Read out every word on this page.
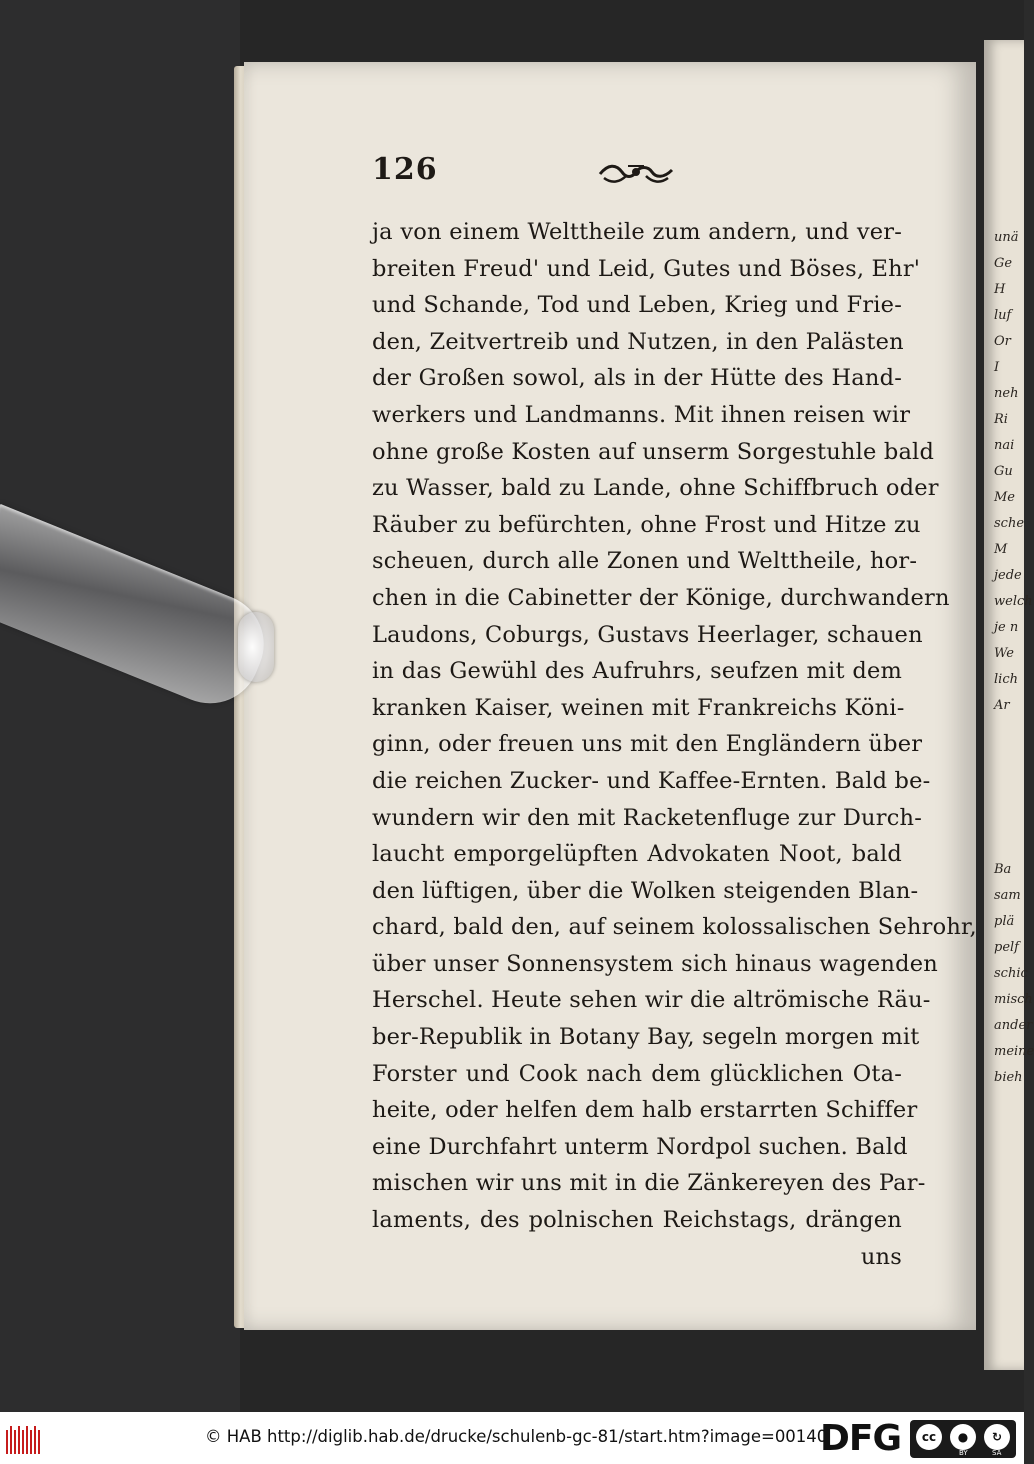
unä
Ge
H
luf
Or
I
neh
Ri
nai
Gu
Me
sche
M
jede
welch
je n
We
lich
Ar
Ba
sam
plä
pelf
schic
misch
ander
meine
bieh
126
ja von einem Welttheile zum andern, und ver-
breiten Freud' und Leid, Gutes und Böses, Ehr'
und Schande, Tod und Leben, Krieg und Frie-
den, Zeitvertreib und Nutzen, in den Palästen
der Großen sowol, als in der Hütte des Hand-
werkers und Landmanns. Mit ihnen reisen wir
ohne große Kosten auf unserm Sorgestuhle bald
zu Wasser, bald zu Lande, ohne Schiffbruch oder
Räuber zu befürchten, ohne Frost und Hitze zu
scheuen, durch alle Zonen und Welttheile, hor-
chen in die Cabinetter der Könige, durchwandern
Laudons, Coburgs, Gustavs Heerlager, schauen
in das Gewühl des Aufruhrs, seufzen mit dem
kranken Kaiser, weinen mit Frankreichs Köni-
ginn, oder freuen uns mit den Engländern über
die reichen Zucker- und Kaffee-Ernten. Bald be-
wundern wir den mit Racketenfluge zur Durch-
laucht emporgelüpften Advokaten Noot, bald
den lüftigen, über die Wolken steigenden Blan-
chard, bald den, auf seinem kolossalischen Sehrohr,
über unser Sonnensystem sich hinaus wagenden
Herschel. Heute sehen wir die altrömische Räu-
ber-Republik in Botany Bay, segeln morgen mit
Forster und Cook nach dem glücklichen Ota-
heite, oder helfen dem halb erstarrten Schiffer
eine Durchfahrt unterm Nordpol suchen. Bald
mischen wir uns mit in die Zänkereyen des Par-
laments, des polnischen Reichstags, drängen
uns
© HAB http://diglib.hab.de/drucke/schulenb-gc-81/start.htm?image=00140
DFG	cc	●	↻
BY	SA
